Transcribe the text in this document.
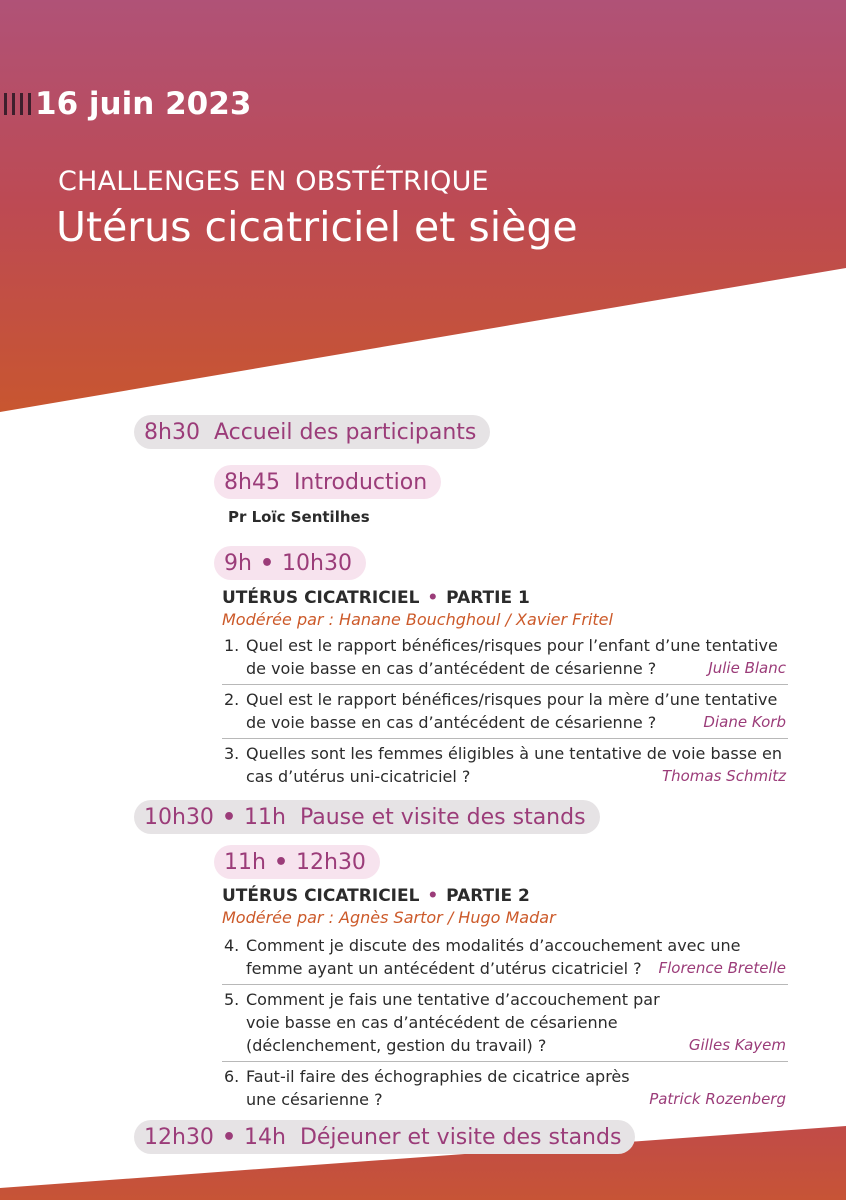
16 juin 2023
CHALLENGES EN OBSTÉTRIQUE
Utérus cicatriciel et siège
8h30 Accueil des participants
8h45 Introduction
Pr Loïc Sentilhes
9h • 10h30
UTÉRUS CICATRICIEL • PARTIE 1
Modérée par : Hanane Bouchghoul / Xavier Fritel
1. Quel est le rapport bénéfices/risques pour l’enfant d’une tentative de voie basse en cas d’antécédent de césarienne ?	Julie Blanc
2. Quel est le rapport bénéfices/risques pour la mère d’une tentative de voie basse en cas d’antécédent de césarienne ?	Diane Korb
3. Quelles sont les femmes éligibles à une tentative de voie basse en cas d’utérus uni-cicatriciel ?	Thomas Schmitz
10h30 • 11h Pause et visite des stands
11h • 12h30
UTÉRUS CICATRICIEL • PARTIE 2
Modérée par : Agnès Sartor / Hugo Madar
4. Comment je discute des modalités d’accouchement avec une femme ayant un antécédent d’utérus cicatriciel ?	Florence Bretelle
5. Comment je fais une tentative d’accouchement par voie basse en cas d’antécédent de césarienne (déclenchement, gestion du travail) ?	Gilles Kayem
6. Faut-il faire des échographies de cicatrice après une césarienne ?	Patrick Rozenberg
12h30 • 14h Déjeuner et visite des stands
